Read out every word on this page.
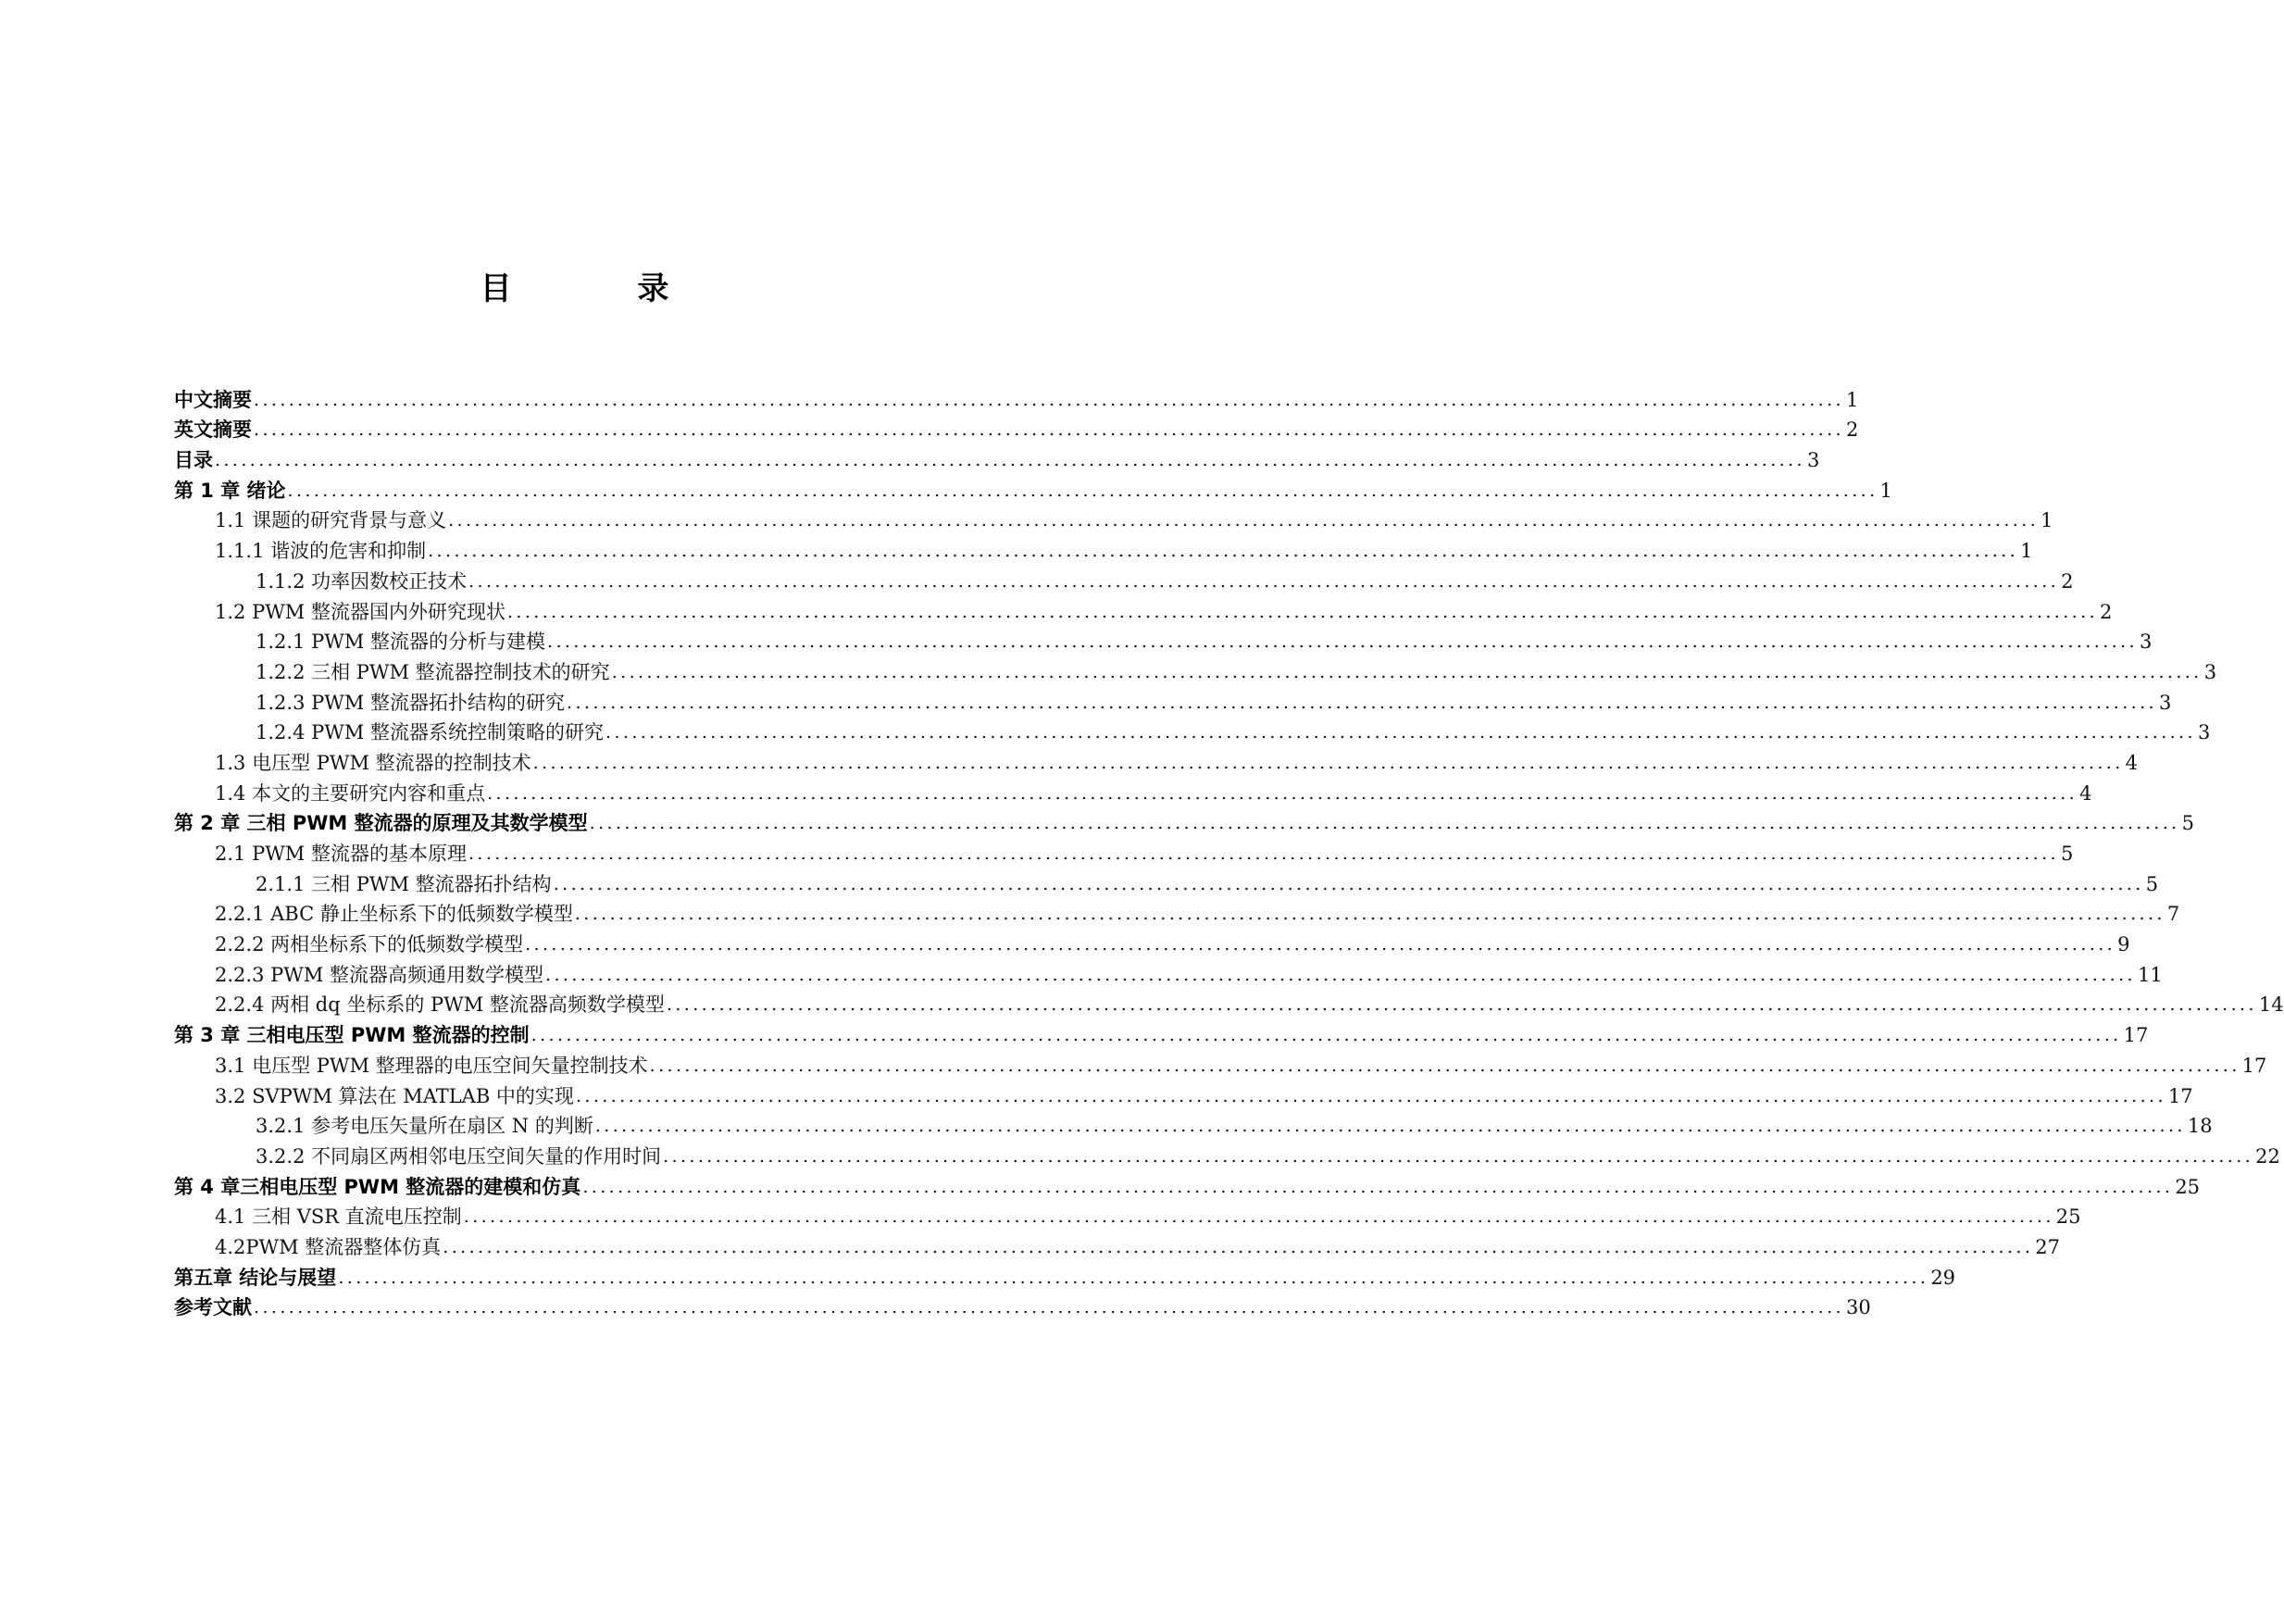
目 录
中文摘要 ...................................................................................................................................................................................... 1
英文摘要 ...................................................................................................................................................................................... 2
目录 ...................................................................................................................................................................................... 3
第 1 章 绪论 ...................................................................................................................................................................................... 1
1.1 课题的研究背景与意义 ...................................................................................................................................................................................... 1
1.1.1 谐波的危害和抑制 ...................................................................................................................................................................................... 1
1.1.2 功率因数校正技术 ...................................................................................................................................................................................... 2
1.2 PWM 整流器国内外研究现状 ...................................................................................................................................................................................... 2
1.2.1 PWM 整流器的分析与建模 ...................................................................................................................................................................................... 3
1.2.2 三相 PWM 整流器控制技术的研究 ...................................................................................................................................................................................... 3
1.2.3 PWM 整流器拓扑结构的研究 ...................................................................................................................................................................................... 3
1.2.4 PWM 整流器系统控制策略的研究 ...................................................................................................................................................................................... 3
1.3 电压型 PWM 整流器的控制技术 ...................................................................................................................................................................................... 4
1.4 本文的主要研究内容和重点 ...................................................................................................................................................................................... 4
第 2 章 三相 PWM 整流器的原理及其数学模型 ...................................................................................................................................................................................... 5
2.1 PWM 整流器的基本原理 ...................................................................................................................................................................................... 5
2.1.1 三相 PWM 整流器拓扑结构 ...................................................................................................................................................................................... 5
2.2.1 ABC 静止坐标系下的低频数学模型 ...................................................................................................................................................................................... 7
2.2.2 两相坐标系下的低频数学模型 ...................................................................................................................................................................................... 9
2.2.3 PWM 整流器高频通用数学模型 ...................................................................................................................................................................................... 11
2.2.4 两相 dq 坐标系的 PWM 整流器高频数学模型 ...................................................................................................................................................................................... 14
第 3 章 三相电压型 PWM 整流器的控制 ...................................................................................................................................................................................... 17
3.1 电压型 PWM 整理器的电压空间矢量控制技术 ...................................................................................................................................................................................... 17
3.2 SVPWM 算法在 MATLAB 中的实现 ...................................................................................................................................................................................... 17
3.2.1 参考电压矢量所在扇区 N 的判断 ...................................................................................................................................................................................... 18
3.2.2 不同扇区两相邻电压空间矢量的作用时间 ...................................................................................................................................................................................... 22
第 4 章三相电压型 PWM 整流器的建模和仿真 ...................................................................................................................................................................................... 25
4.1 三相 VSR 直流电压控制 ...................................................................................................................................................................................... 25
4.2PWM 整流器整体仿真 ...................................................................................................................................................................................... 27
第五章 结论与展望 ...................................................................................................................................................................................... 29
参考文献 ...................................................................................................................................................................................... 30
